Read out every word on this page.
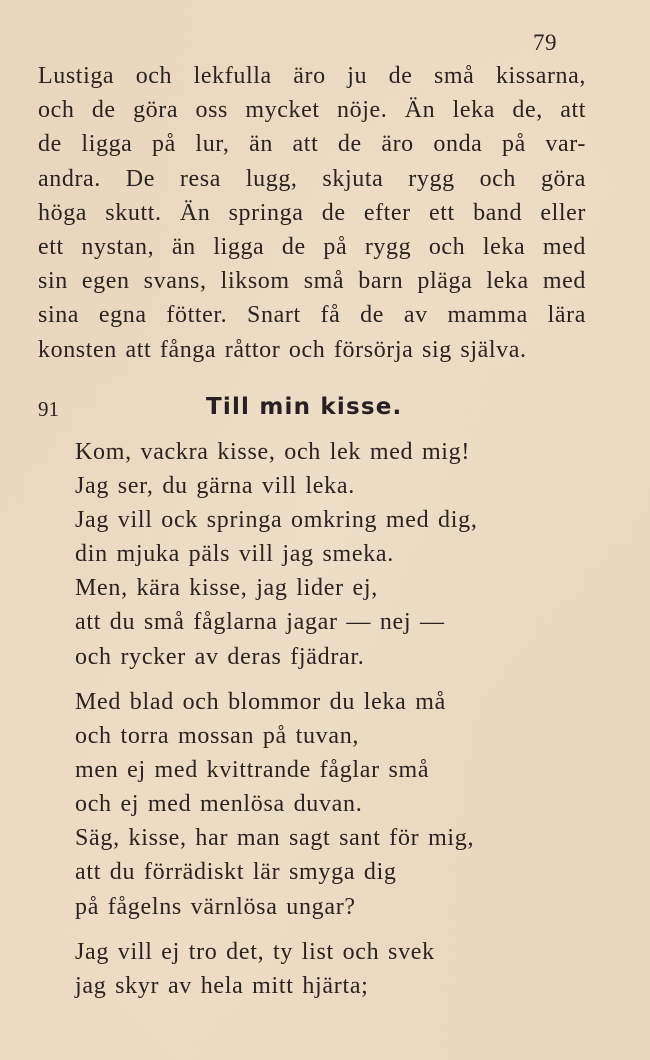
79
Lustiga och lekfulla äro ju de små kissarna,
och de göra oss mycket nöje. Än leka de, att
de ligga på lur, än att de äro onda på var-
andra. De resa lugg, skjuta rygg och göra
höga skutt. Än springa de efter ett band eller
ett nystan, än ligga de på rygg och leka med
sin egen svans, liksom små barn pläga leka med
sina egna fötter. Snart få de av mamma lära
konsten att fånga råttor och försörja sig själva.
91	Till min kisse.
Kom, vackra kisse, och lek med mig!
Jag ser, du gärna vill leka.
Jag vill ock springa omkring med dig,
din mjuka päls vill jag smeka.
Men, kära kisse, jag lider ej,
att du små fåglarna jagar — nej —
och rycker av deras fjädrar.
Med blad och blommor du leka må
och torra mossan på tuvan,
men ej med kvittrande fåglar små
och ej med menlösa duvan.
Säg, kisse, har man sagt sant för mig,
att du förrädiskt lär smyga dig
på fågelns värnlösa ungar?
Jag vill ej tro det, ty list och svek
jag skyr av hela mitt hjärta;
